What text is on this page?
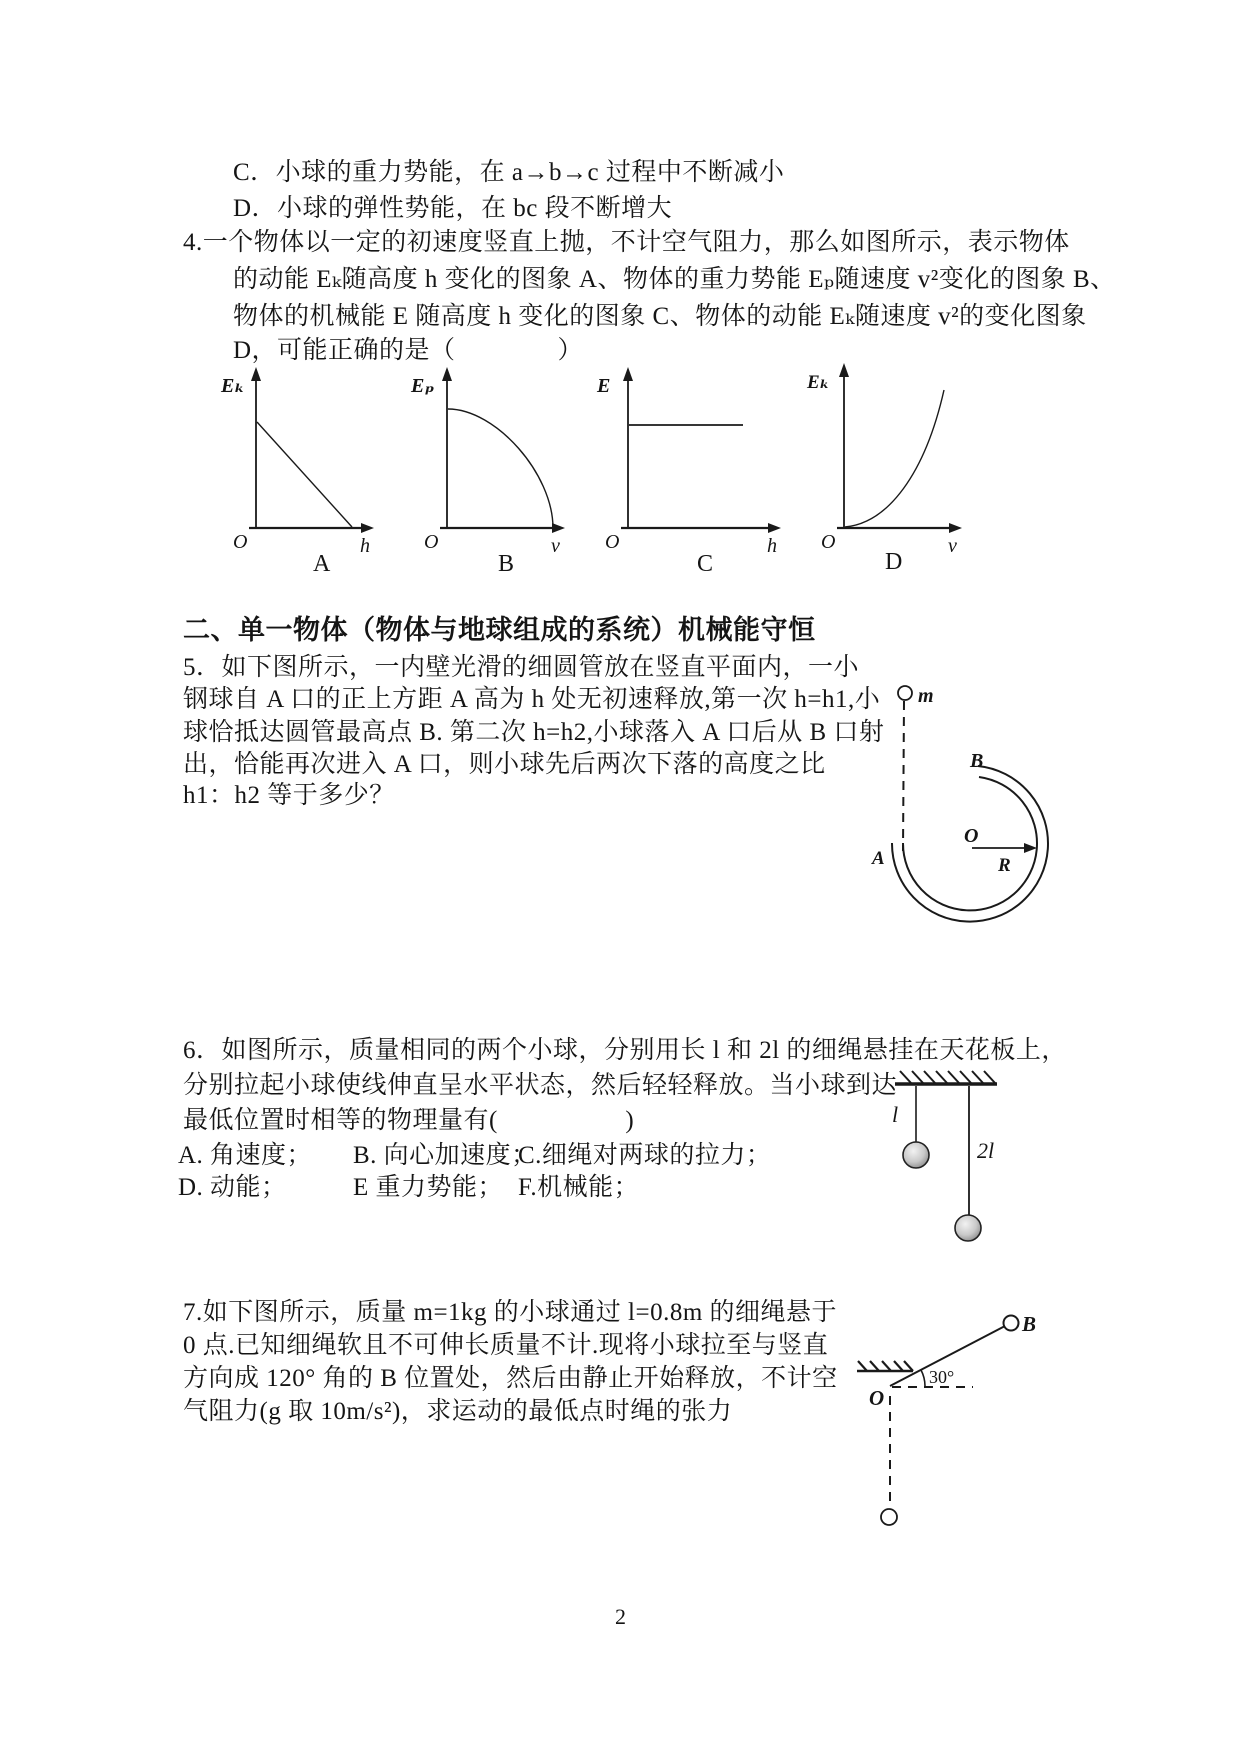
C．小球的重力势能，在 a→b→c 过程中不断减小
D．小球的弹性势能，在 bc 段不断增大
4.一个物体以一定的初速度竖直上抛，不计空气阻力，那么如图所示，表示物体
的动能 Eₖ随高度 h 变化的图象 A、物体的重力势能 Eₚ随速度 v²变化的图象 B、
物体的机械能 E 随高度 h 变化的图象 C、物体的动能 Eₖ随速度 v²的变化图象
D，可能正确的是（　　　　）
Eₖ
O	h
A
Eₚ
O	v
B
E
O	h
C
Eₖ
O	v
D
二、单一物体（物体与地球组成的系统）机械能守恒
5．如下图所示，一内壁光滑的细圆管放在竖直平面内，一小
钢球自 A 口的正上方距 A 高为 h 处无初速释放,第一次 h=h1,小
球恰抵达圆管最高点 B. 第二次 h=h2,小球落入 A 口后从 B 口射
出，恰能再次进入 A 口，则小球先后两次下落的高度之比
h1：h2 等于多少？
m
A
B
O
R
6．如图所示，质量相同的两个小球，分别用长 l 和 2l 的细绳悬挂在天花板上，
分别拉起小球使线伸直呈水平状态，然后轻轻释放。当小球到达
最低位置时相等的物理量有(　　　　　)
A. 角速度； B. 向心加速度；
C.细绳对两球的拉力；
D. 动能；	E 重力势能； F.机械能；
l
2l
7.如下图所示，质量 m=1kg 的小球通过 l=0.8m 的细绳悬于
0 点.已知细绳软且不可伸长质量不计.现将小球拉至与竖直
方向成 120° 角的 B 位置处，然后由静止开始释放，不计空
气阻力(g 取 10m/s²)，求运动的最低点时绳的张力
B
30°
O
2
